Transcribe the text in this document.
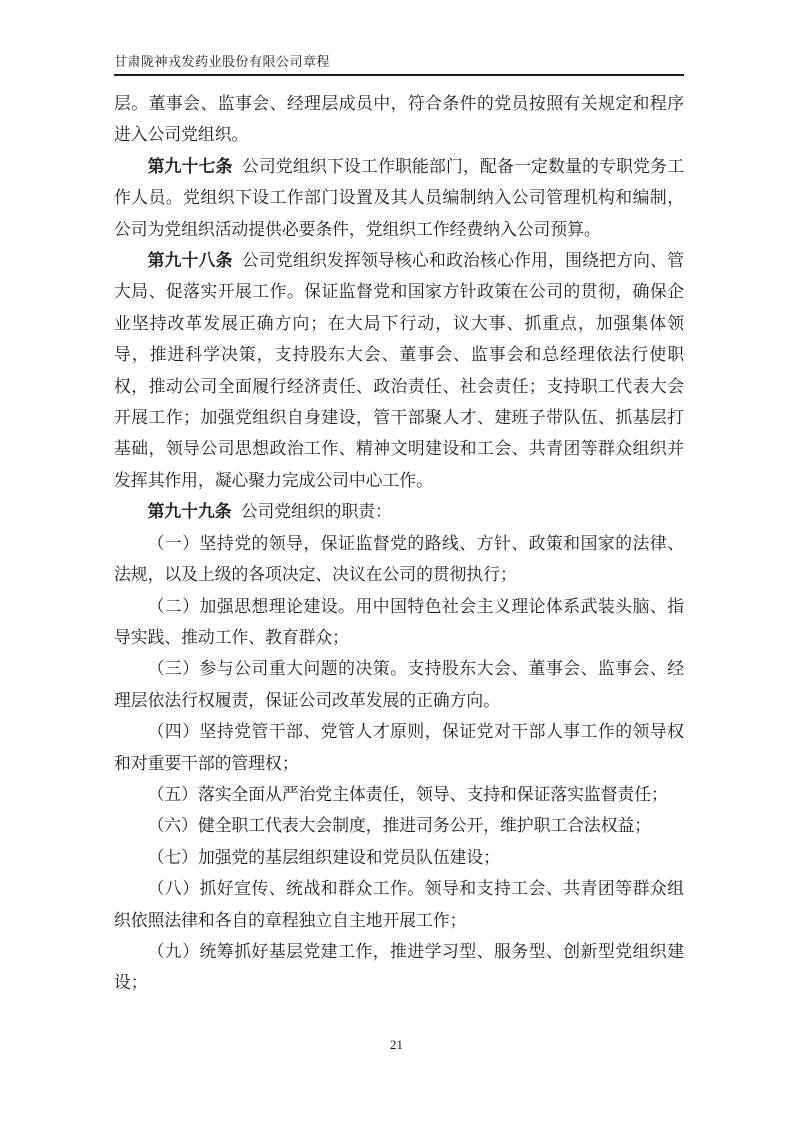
甘肃陇神戎发药业股份有限公司章程

层。董事会、监事会、经理层成员中，符合条件的党员按照有关规定和程序进入公司党组织。

第九十七条 公司党组织下设工作职能部门，配备一定数量的专职党务工作人员。党组织下设工作部门设置及其人员编制纳入公司管理机构和编制，公司为党组织活动提供必要条件，党组织工作经费纳入公司预算。

第九十八条 公司党组织发挥领导核心和政治核心作用，围绕把方向、管大局、促落实开展工作。保证监督党和国家方针政策在公司的贯彻，确保企业坚持改革发展正确方向；在大局下行动，议大事、抓重点，加强集体领导，推进科学决策，支持股东大会、董事会、监事会和总经理依法行使职权，推动公司全面履行经济责任、政治责任、社会责任；支持职工代表大会开展工作；加强党组织自身建设，管干部聚人才、建班子带队伍、抓基层打基础，领导公司思想政治工作、精神文明建设和工会、共青团等群众组织并发挥其作用，凝心聚力完成公司中心工作。

第九十九条 公司党组织的职责：

（一）坚持党的领导，保证监督党的路线、方针、政策和国家的法律、法规，以及上级的各项决定、决议在公司的贯彻执行；

（二）加强思想理论建设。用中国特色社会主义理论体系武装头脑、指导实践、推动工作、教育群众；

（三）参与公司重大问题的决策。支持股东大会、董事会、监事会、经理层依法行权履责，保证公司改革发展的正确方向。

（四）坚持党管干部、党管人才原则，保证党对干部人事工作的领导权和对重要干部的管理权；

（五）落实全面从严治党主体责任，领导、支持和保证落实监督责任；

（六）健全职工代表大会制度，推进司务公开，维护职工合法权益；

（七）加强党的基层组织建设和党员队伍建设；

（八）抓好宣传、统战和群众工作。领导和支持工会、共青团等群众组织依照法律和各自的章程独立自主地开展工作；

（九）统筹抓好基层党建工作，推进学习型、服务型、创新型党组织建设；

21
